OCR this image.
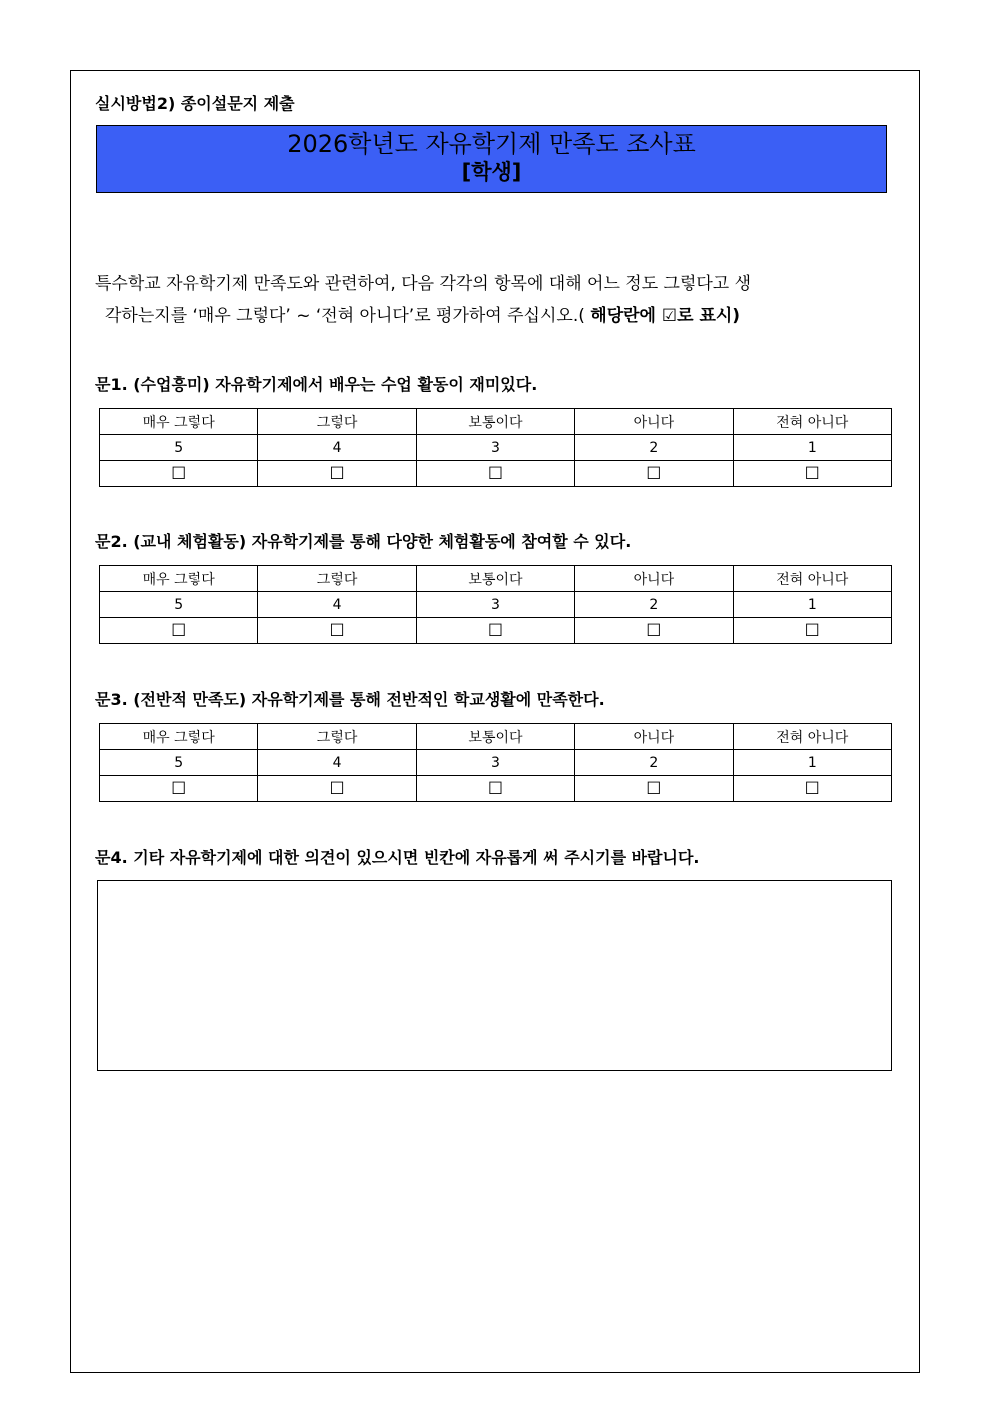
실시방법2) 종이설문지 제출
2026학년도 자유학기제 만족도 조사표
[학생]
특수학교 자유학기제 만족도와 관련하여, 다음 각각의 항목에 대해 어느 정도 그렇다고 생
각하는지를 ‘매우 그렇다’ ~ ‘전혀 아니다’로 평가하여 주십시오.( 해당란에 ☑로 표시)
문1. (수업흥미) 자유학기제에서 배우는 수업 활동이 재미있다.
매우 그렇다	그렇다	보통이다	아니다	전혀 아니다
5	4	3	2	1
☐	☐	☐	☐	☐
문2. (교내 체험활동) 자유학기제를 통해 다양한 체험활동에 참여할 수 있다.
매우 그렇다	그렇다	보통이다	아니다	전혀 아니다
5	4	3	2	1
☐	☐	☐	☐	☐
문3. (전반적 만족도) 자유학기제를 통해 전반적인 학교생활에 만족한다.
매우 그렇다	그렇다	보통이다	아니다	전혀 아니다
5	4	3	2	1
☐	☐	☐	☐	☐
문4. 기타 자유학기제에 대한 의견이 있으시면 빈칸에 자유롭게 써 주시기를 바랍니다.
